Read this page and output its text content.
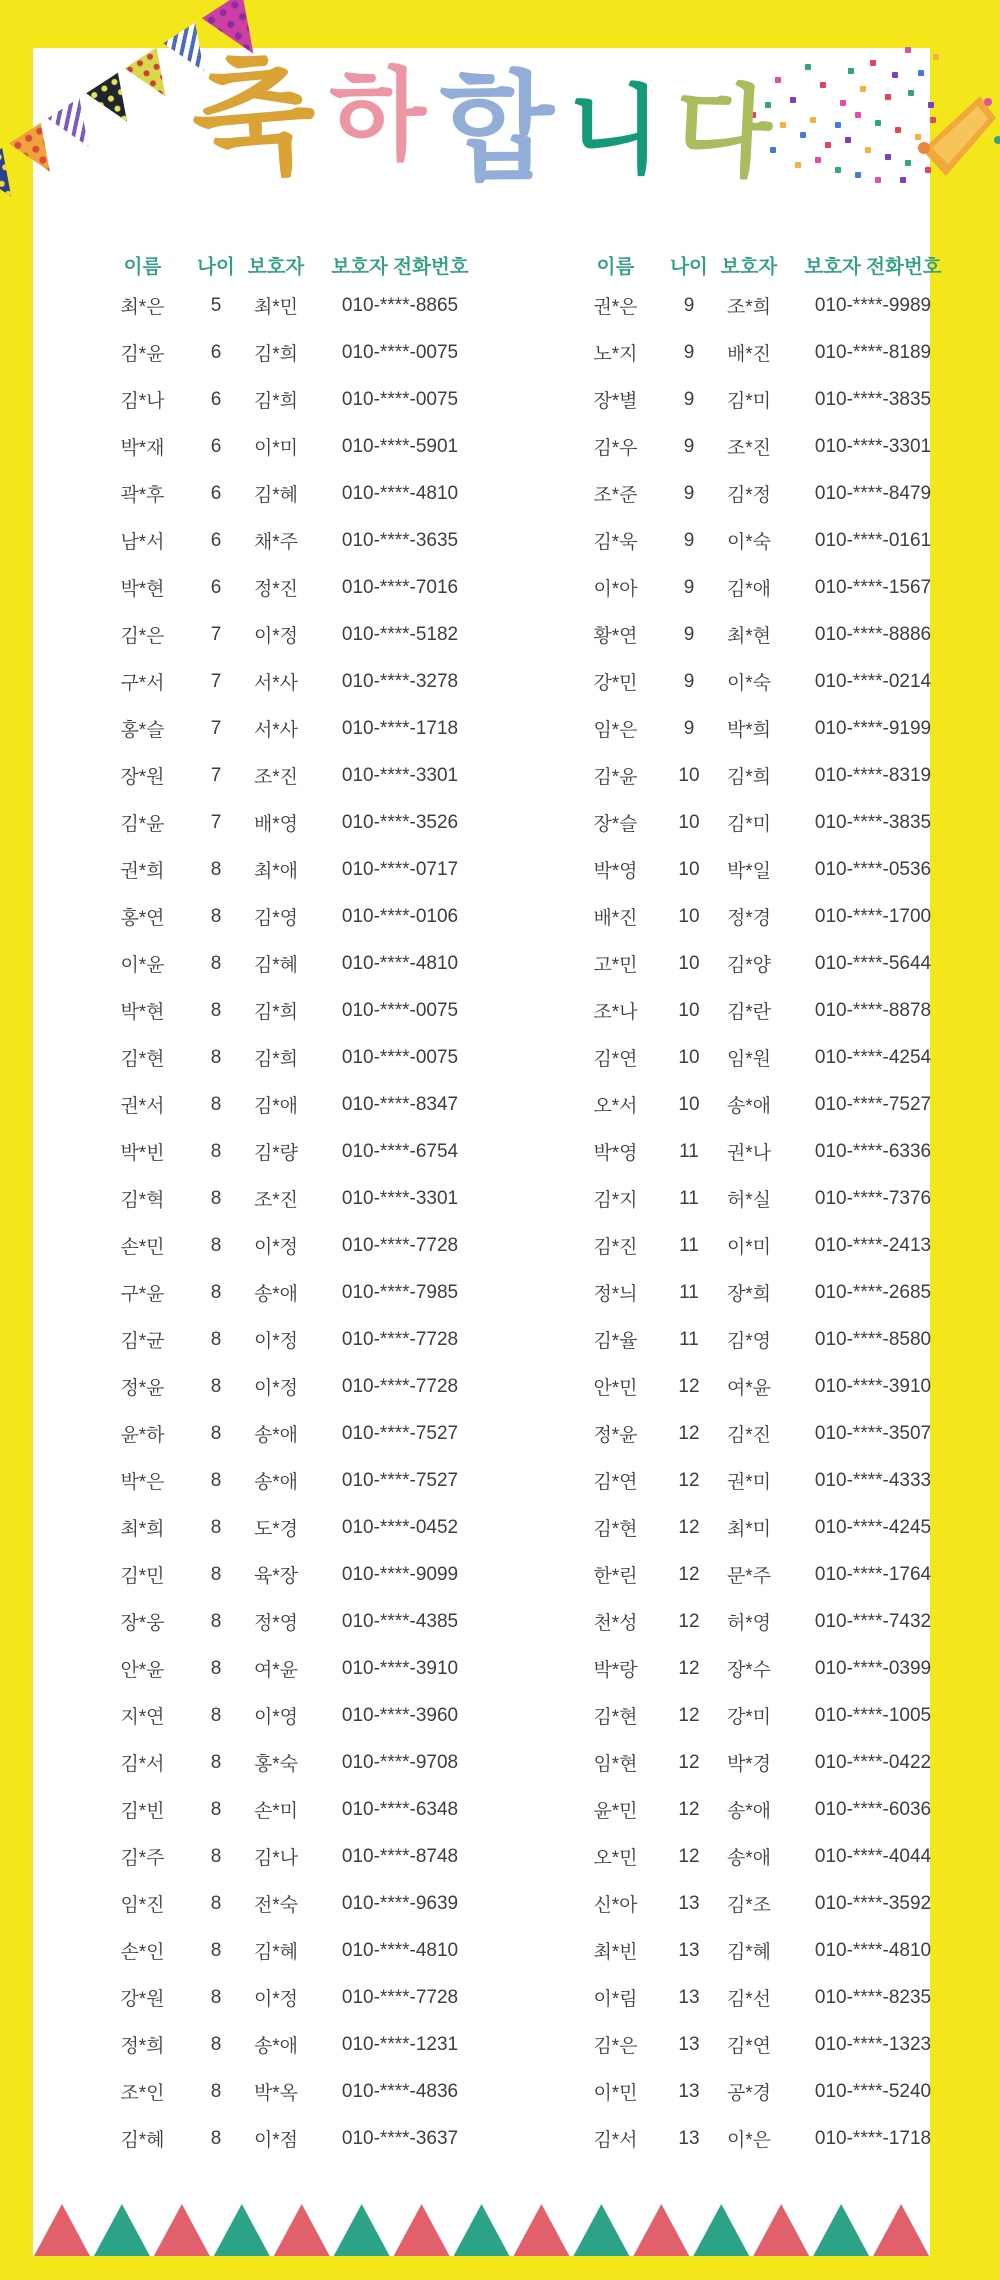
축 하 합 니 다
이름	나이 보호자	보호자 전화번호
최*은	5	최*민	010-****-8865
김*윤	6	김*희	010-****-0075
김*나	6	김*희	010-****-0075
박*재	6	이*미	010-****-5901
곽*후	6	김*혜	010-****-4810
남*서	6	채*주	010-****-3635
박*현	6	정*진	010-****-7016
김*은	7	이*정	010-****-5182
구*서	7	서*사	010-****-3278
홍*슬	7	서*사	010-****-1718
장*원	7	조*진	010-****-3301
김*윤	7	배*영	010-****-3526
권*희	8	최*애	010-****-0717
홍*연	8	김*영	010-****-0106
이*윤	8	김*혜	010-****-4810
박*현	8	김*희	010-****-0075
김*현	8	김*희	010-****-0075
권*서	8	김*애	010-****-8347
박*빈	8	김*량	010-****-6754
김*혁	8	조*진	010-****-3301
손*민	8	이*정	010-****-7728
구*윤	8	송*애	010-****-7985
김*균	8	이*정	010-****-7728
정*윤	8	이*정	010-****-7728
윤*하	8	송*애	010-****-7527
박*은	8	송*애	010-****-7527
최*희	8	도*경	010-****-0452
김*민	8	육*장	010-****-9099
장*웅	8	정*영	010-****-4385
안*윤	8	여*윤	010-****-3910
지*연	8	이*영	010-****-3960
김*서	8	홍*숙	010-****-9708
김*빈	8	손*미	010-****-6348
김*주	8	김*나	010-****-8748
임*진	8	전*숙	010-****-9639
손*인	8	김*혜	010-****-4810
강*원	8	이*정	010-****-7728
정*희	8	송*애	010-****-1231
조*인	8	박*옥	010-****-4836
김*혜	8	이*점	010-****-3637
이름	나이 보호자	보호자 전화번호
권*은	9	조*희	010-****-9989
노*지	9	배*진	010-****-8189
장*별	9	김*미	010-****-3835
김*우	9	조*진	010-****-3301
조*준	9	김*정	010-****-8479
김*욱	9	이*숙	010-****-0161
이*아	9	김*애	010-****-1567
황*연	9	최*현	010-****-8886
강*민	9	이*숙	010-****-0214
임*은	9	박*희	010-****-9199
김*윤	10	김*희	010-****-8319
장*슬	10	김*미	010-****-3835
박*영	10	박*일	010-****-0536
배*진	10	정*경	010-****-1700
고*민	10	김*양	010-****-5644
조*나	10	김*란	010-****-8878
김*연	10	임*원	010-****-4254
오*서	10	송*애	010-****-7527
박*영	11	권*나	010-****-6336
김*지	11	허*실	010-****-7376
김*진	11	이*미	010-****-2413
정*늬	11	장*희	010-****-2685
김*율	11	김*영	010-****-8580
안*민	12	여*윤	010-****-3910
정*윤	12	김*진	010-****-3507
김*연	12	권*미	010-****-4333
김*현	12	최*미	010-****-4245
한*린	12	문*주	010-****-1764
천*성	12	허*영	010-****-7432
박*랑	12	장*수	010-****-0399
김*현	12	강*미	010-****-1005
임*현	12	박*경	010-****-0422
윤*민	12	송*애	010-****-6036
오*민	12	송*애	010-****-4044
신*아	13	김*조	010-****-3592
최*빈	13	김*혜	010-****-4810
이*림	13	김*선	010-****-8235
김*은	13	김*연	010-****-1323
이*민	13	공*경	010-****-5240
김*서	13	이*은	010-****-1718
